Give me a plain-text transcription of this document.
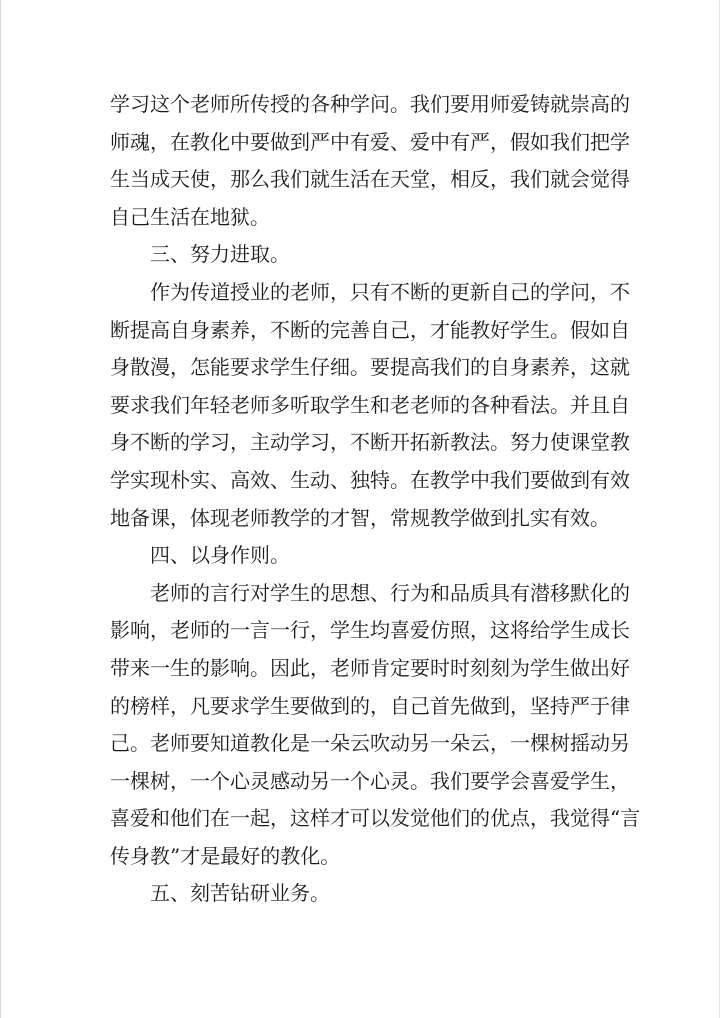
学习这个老师所传授的各种学问。我们要用师爱铸就崇高的
师魂，在教化中要做到严中有爱、爱中有严，假如我们把学
生当成天使，那么我们就生活在天堂，相反，我们就会觉得
自己生活在地狱。

三、努力进取。

作为传道授业的老师，只有不断的更新自己的学问，不
断提高自身素养，不断的完善自己，才能教好学生。假如自
身散漫，怎能要求学生仔细。要提高我们的自身素养，这就
要求我们年轻老师多听取学生和老老师的各种看法。并且自
身不断的学习，主动学习，不断开拓新教法。努力使课堂教
学实现朴实、高效、生动、独特。在教学中我们要做到有效
地备课，体现老师教学的才智，常规教学做到扎实有效。

四、以身作则。

老师的言行对学生的思想、行为和品质具有潜移默化的
影响，老师的一言一行，学生均喜爱仿照，这将给学生成长
带来一生的影响。因此，老师肯定要时时刻刻为学生做出好
的榜样，凡要求学生要做到的，自己首先做到，坚持严于律
己。老师要知道教化是一朵云吹动另一朵云，一棵树摇动另
一棵树，一个心灵感动另一个心灵。我们要学会喜爱学生，
喜爱和他们在一起，这样才可以发觉他们的优点，我觉得“言
传身教”才是最好的教化。

五、刻苦钻研业务。
